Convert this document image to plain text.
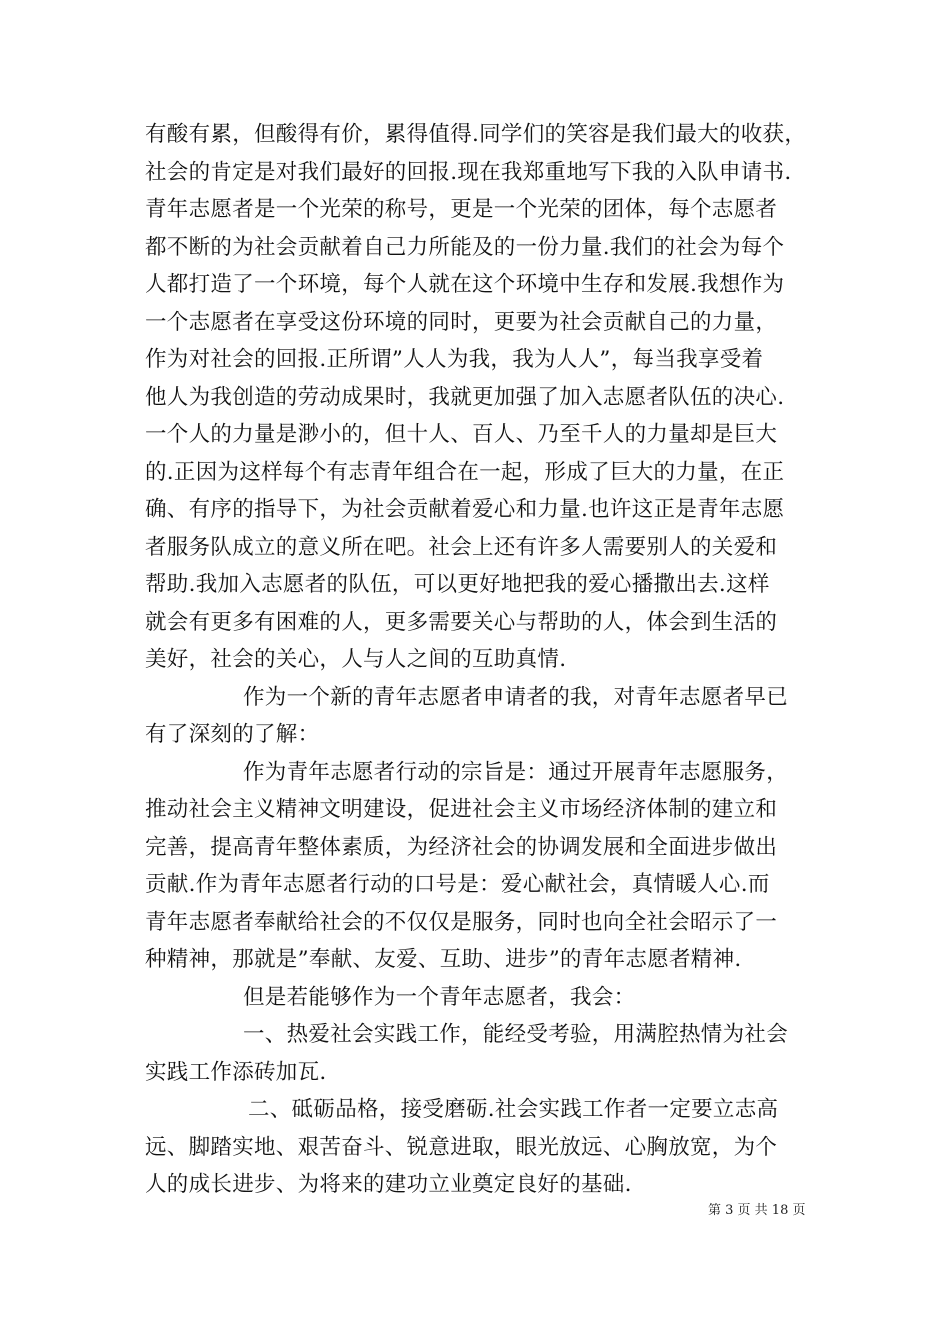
有酸有累，但酸得有价，累得值得.同学们的笑容是我们最大的收获，
社会的肯定是对我们最好的回报.现在我郑重地写下我的入队申请书.
青年志愿者是一个光荣的称号，更是一个光荣的团体，每个志愿者
都不断的为社会贡献着自己力所能及的一份力量.我们的社会为每个
人都打造了一个环境，每个人就在这个环境中生存和发展.我想作为
一个志愿者在享受这份环境的同时，更要为社会贡献自己的力量，
作为对社会的回报.正所谓”人人为我，我为人人”，每当我享受着
他人为我创造的劳动成果时，我就更加强了加入志愿者队伍的决心.
一个人的力量是渺小的，但十人、百人、乃至千人的力量却是巨大
的.正因为这样每个有志青年组合在一起，形成了巨大的力量，在正
确、有序的指导下，为社会贡献着爱心和力量.也许这正是青年志愿
者服务队成立的意义所在吧。社会上还有许多人需要别人的关爱和
帮助.我加入志愿者的队伍，可以更好地把我的爱心播撒出去.这样
就会有更多有困难的人，更多需要关心与帮助的人，体会到生活的
美好，社会的关心，人与人之间的互助真情.
作为一个新的青年志愿者申请者的我，对青年志愿者早已
有了深刻的了解：
作为青年志愿者行动的宗旨是：通过开展青年志愿服务，
推动社会主义精神文明建设，促进社会主义市场经济体制的建立和
完善，提高青年整体素质，为经济社会的协调发展和全面进步做出
贡献.作为青年志愿者行动的口号是：爱心献社会，真情暖人心.而
青年志愿者奉献给社会的不仅仅是服务，同时也向全社会昭示了一
种精神，那就是”奉献、友爱、互助、进步”的青年志愿者精神.
但是若能够作为一个青年志愿者，我会：
一、热爱社会实践工作，能经受考验，用满腔热情为社会
实践工作添砖加瓦.
二、砥砺品格，接受磨砺.社会实践工作者一定要立志高
远、脚踏实地、艰苦奋斗、锐意进取，眼光放远、心胸放宽，为个
人的成长进步、为将来的建功立业奠定良好的基础.
第 3 页 共 18 页
